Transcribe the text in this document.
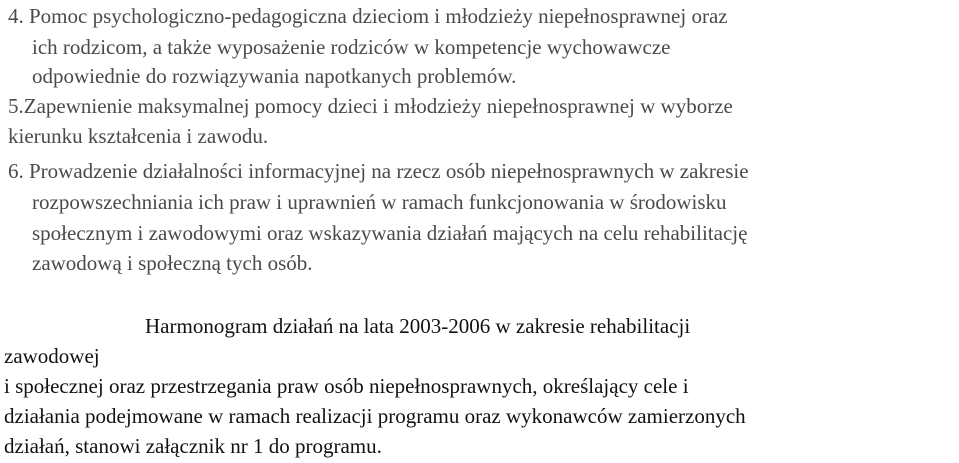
4. Pomoc psychologiczno-pedagogiczna dzieciom i młodzieży niepełnosprawnej oraz

ich rodzicom, a także wyposażenie rodziców w kompetencje wychowawcze

odpowiednie do rozwiązywania napotkanych problemów.

5.Zapewnienie maksymalnej pomocy dzieci i młodzieży niepełnosprawnej w wyborze

kierunku kształcenia i zawodu.

6. Prowadzenie działalności informacyjnej na rzecz osób niepełnosprawnych w zakresie

rozpowszechniania ich praw i uprawnień w ramach funkcjonowania w środowisku

społecznym i zawodowymi oraz wskazywania działań mających na celu rehabilitację

zawodową i społeczną tych osób.

Harmonogram działań na lata 2003-2006 w zakresie rehabilitacji

zawodowej

i społecznej oraz przestrzegania praw osób niepełnosprawnych, określający cele i

działania podejmowane w ramach realizacji programu oraz wykonawców zamierzonych

działań, stanowi załącznik nr 1 do programu.
